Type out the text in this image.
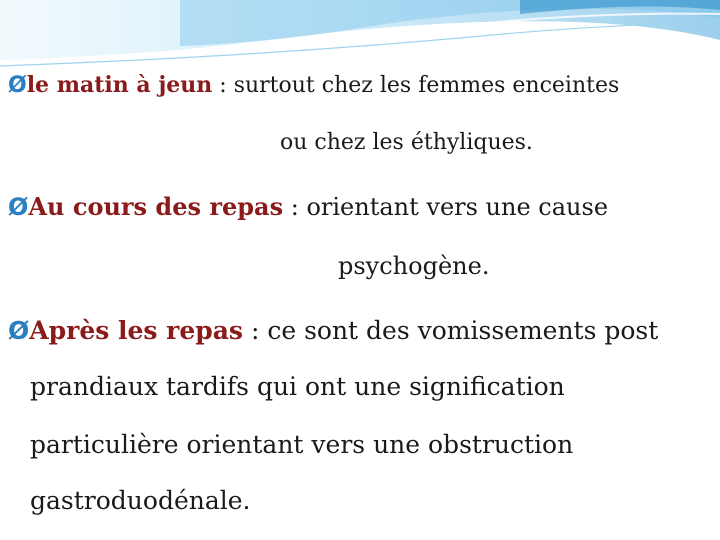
Øle matin à jeun : surtout chez les femmes enceintes
ou chez les éthyliques.
ØAu cours des repas : orientant vers une cause
psychogène.
ØAprès les repas : ce sont des vomissements post
prandiaux tardifs qui ont une signification
particulière orientant vers une obstruction
gastroduodénale.
